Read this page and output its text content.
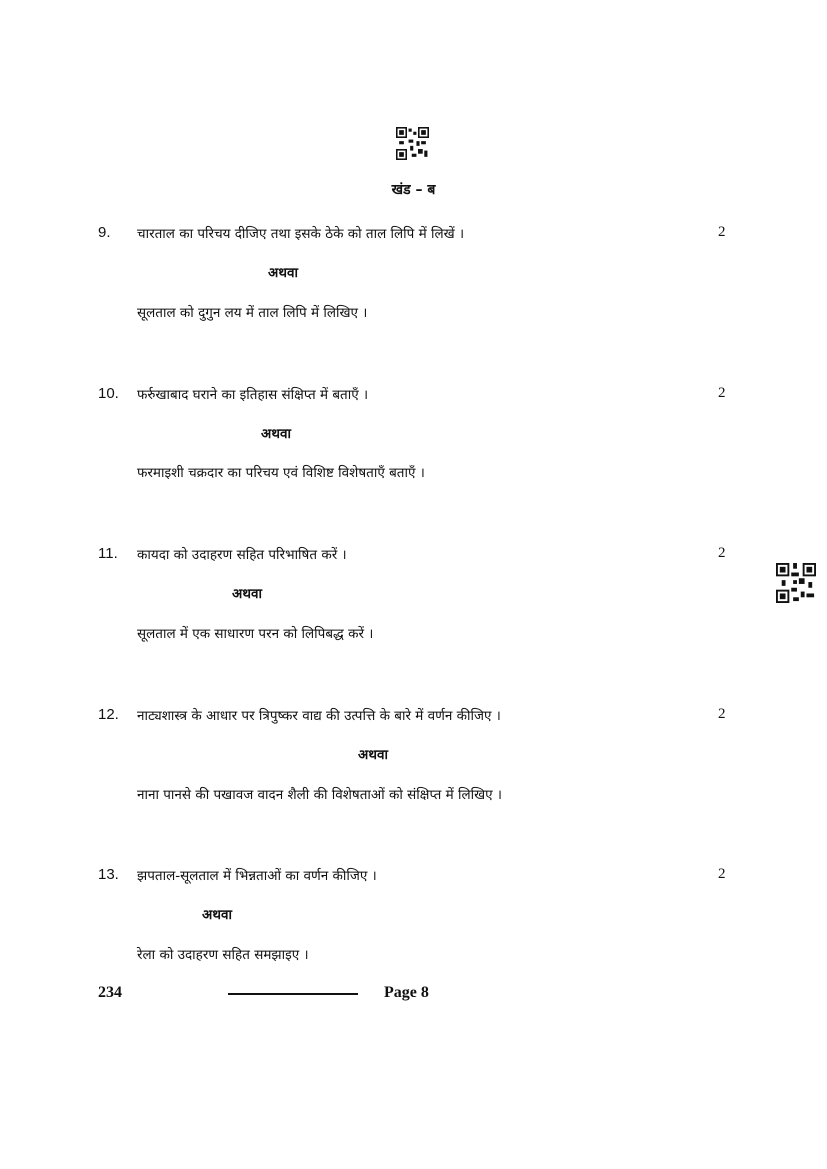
खंड – ब
9. चारताल का परिचय दीजिए तथा इसके ठेके को ताल लिपि में लिखें ।	2
अथवा
सूलताल को दुगुन लय में ताल लिपि में लिखिए ।
10. फर्रुखाबाद घराने का इतिहास संक्षिप्त में बताएँ ।	2
अथवा
फरमाइशी चक्रदार का परिचय एवं विशिष्ट विशेषताएँ बताएँ ।
11. कायदा को उदाहरण सहित परिभाषित करें ।	2
अथवा
सूलताल में एक साधारण परन को लिपिबद्ध करें ।
12. नाट्यशास्त्र के आधार पर त्रिपुष्कर वाद्य की उत्पत्ति के बारे में वर्णन कीजिए ।	2
अथवा
नाना पानसे की पखावज वादन शैली की विशेषताओं को संक्षिप्त में लिखिए ।
13. झपताल-सूलताल में भिन्नताओं का वर्णन कीजिए ।	2
अथवा
रेला को उदाहरण सहित समझाइए ।
234	Page 8
